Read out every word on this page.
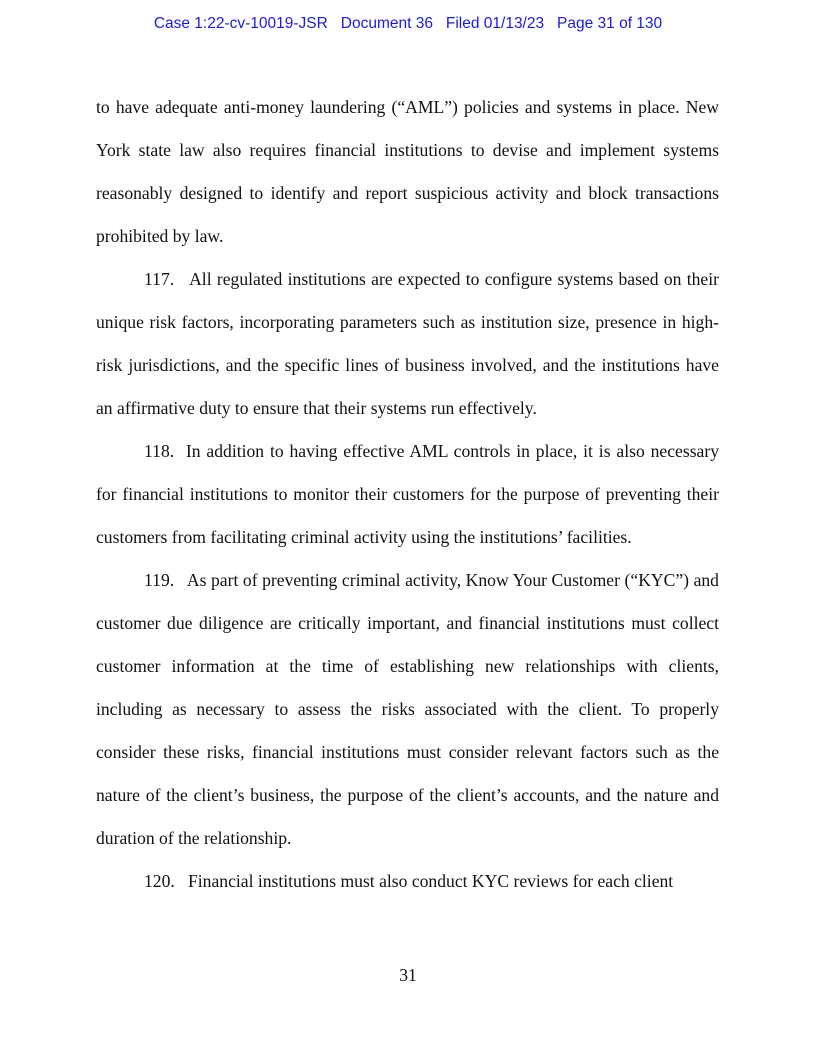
Case 1:22-cv-10019-JSR   Document 36   Filed 01/13/23   Page 31 of 130

to have adequate anti-money laundering (“AML”) policies and systems in place. New York state law also requires financial institutions to devise and implement systems reasonably designed to identify and report suspicious activity and block transactions prohibited by law.

117. All regulated institutions are expected to configure systems based on their unique risk factors, incorporating parameters such as institution size, presence in high-risk jurisdictions, and the specific lines of business involved, and the institutions have an affirmative duty to ensure that their systems run effectively.

118. In addition to having effective AML controls in place, it is also necessary for financial institutions to monitor their customers for the purpose of preventing their customers from facilitating criminal activity using the institutions’ facilities.

119. As part of preventing criminal activity, Know Your Customer (“KYC”) and customer due diligence are critically important, and financial institutions must collect customer information at the time of establishing new relationships with clients, including as necessary to assess the risks associated with the client. To properly consider these risks, financial institutions must consider relevant factors such as the nature of the client’s business, the purpose of the client’s accounts, and the nature and duration of the relationship.

120. Financial institutions must also conduct KYC reviews for each client

31
